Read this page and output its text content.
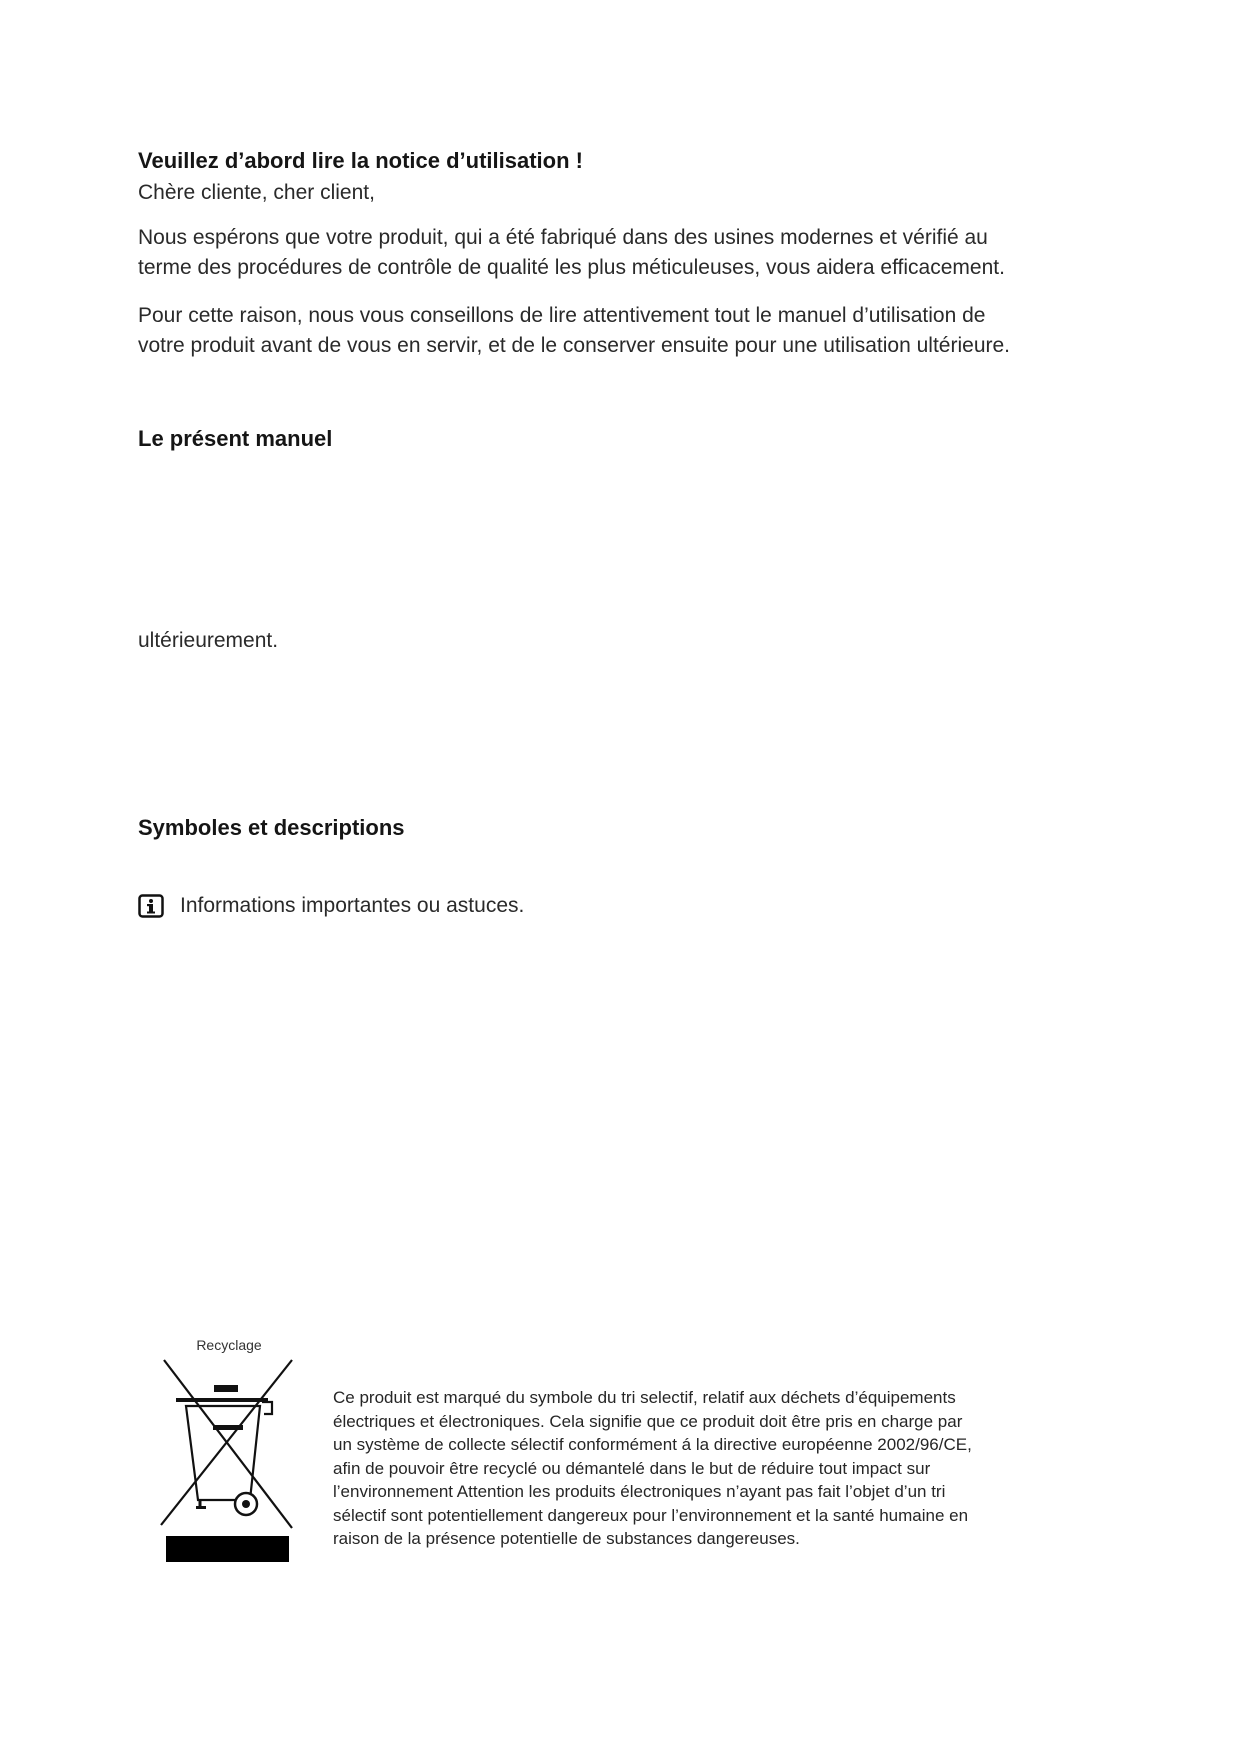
Veuillez d’abord lire la notice d’utilisation !
Chère cliente, cher client,
Nous espérons que votre produit, qui a été fabriqué dans des usines modernes et vérifié au
terme des procédures de contrôle de qualité les plus méticuleuses, vous aidera efficacement.
Pour cette raison, nous vous conseillons de lire attentivement tout le manuel d’utilisation de
votre produit avant de vous en servir, et de le conserver ensuite pour une utilisation ultérieure.
Le présent manuel
ultérieurement.
Symboles et descriptions
Informations importantes ou astuces.
Recyclage
Ce produit est marqué du symbole du tri selectif, relatif aux déchets d’équipements
électriques et électroniques. Cela signifie que ce produit doit être pris en charge par
un système de collecte sélectif conformément á la directive européenne 2002/96/CE,
afin de pouvoir être recyclé ou démantelé dans le but de réduire tout impact sur
l’environnement Attention les produits électroniques n’ayant pas fait l’objet d’un tri
sélectif sont potentiellement dangereux pour l’environnement et la santé humaine en
raison de la présence potentielle de substances dangereuses.
